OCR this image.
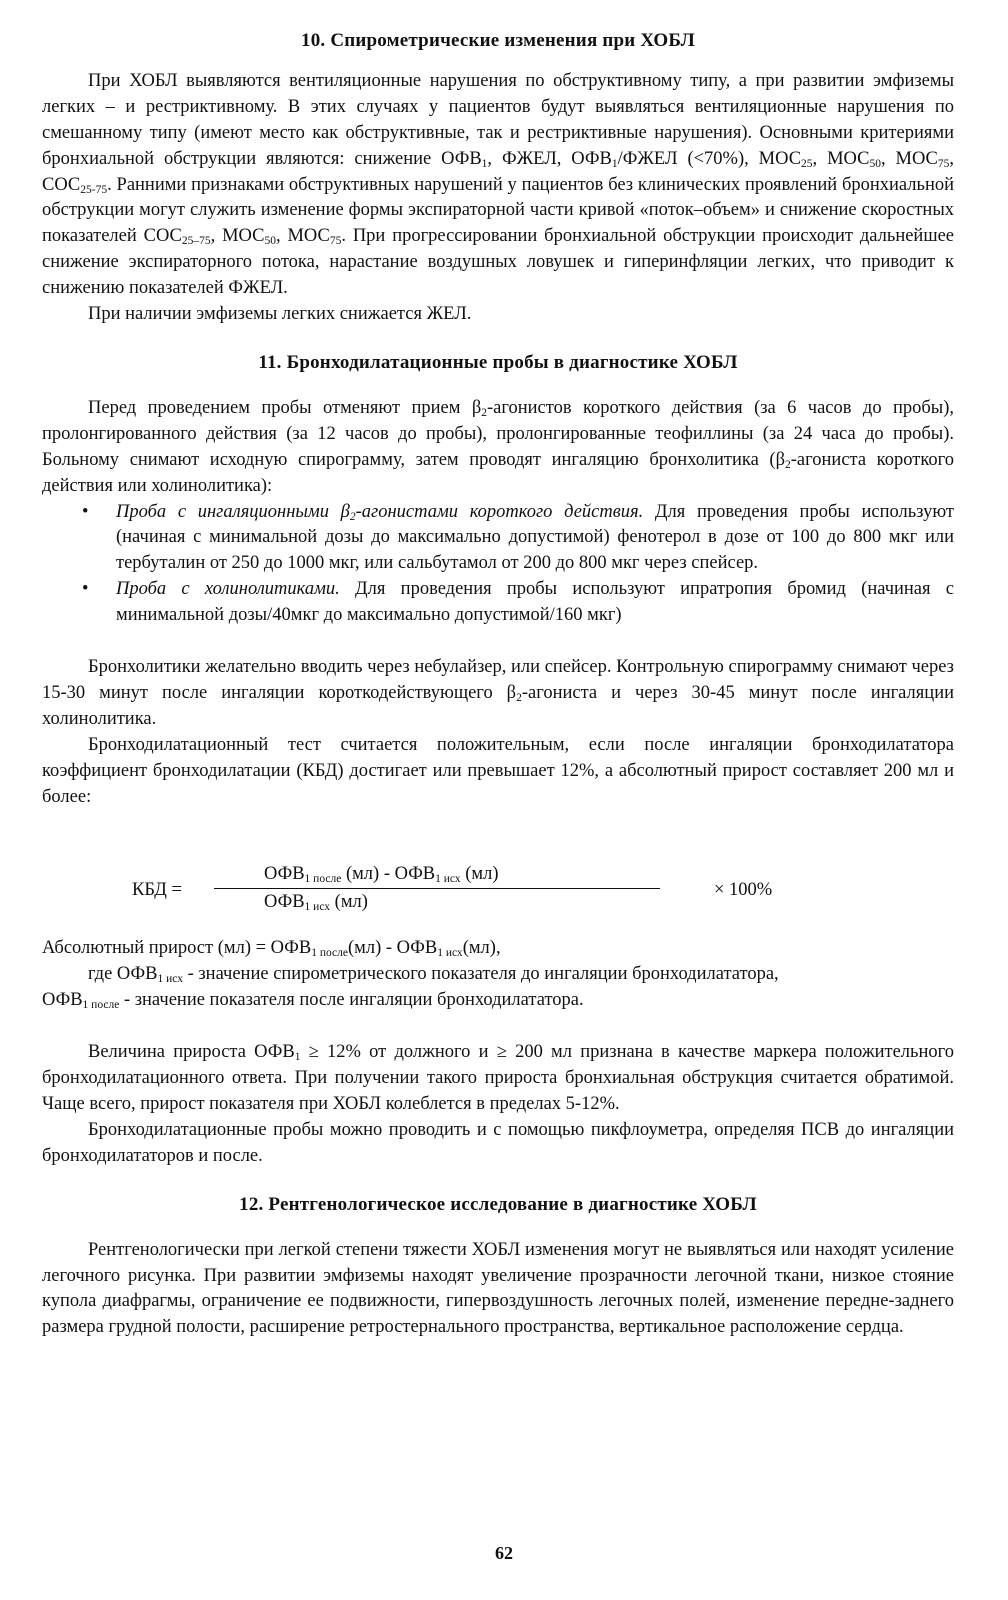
10. Спирометрические изменения при ХОБЛ

При ХОБЛ выявляются вентиляционные нарушения по обструктивному типу, а при развитии эмфиземы легких – и рестриктивному. В этих случаях у пациентов будут выявляться вентиляционные нарушения по смешанному типу (имеют место как обструктивные, так и рестриктивные нарушения). Основными критериями бронхиальной обструкции являются: снижение $ОФВ_1$, ФЖЕЛ, $ОФВ_1$/ФЖЕЛ (<70%), $МОС_{25}$, $МОС_{50}$, $МОС_{75}$, $СОС_{25-75}$. Ранними признаками обструктивных нарушений у пациентов без клинических проявлений бронхиальной обструкции могут служить изменение формы экспираторной части кривой «поток–объем» и снижение скоростных показателей $СОС_{25-75}$, $МОС_{50}$, $МОС_{75}$. При прогрессировании бронхиальной обструкции происходит дальнейшее снижение экспираторного потока, нарастание воздушных ловушек и гиперинфляции легких, что приводит к снижению показателей ФЖЕЛ.

При наличии эмфиземы легких снижается ЖЕЛ.

11. Бронходилатационные пробы в диагностике ХОБЛ

Перед проведением пробы отменяют прием $\beta_2$-агонистов короткого действия (за 6 часов до пробы), пролонгированного действия (за 12 часов до пробы), пролонгированные теофиллины (за 24 часа до пробы). Больному снимают исходную спирограмму, затем проводят ингаляцию бронхолитика ($\beta_2$-агониста короткого действия или холинолитика):

• Проба с ингаляционными $\beta_2$-агонистами короткого действия. Для проведения пробы используют (начиная с минимальной дозы до максимально допустимой) фенотерол в дозе от 100 до 800 мкг или тербуталин от 250 до 1000 мкг, или сальбутамол от 200 до 800 мкг через спейсер.
• Проба с холинолитиками. Для проведения пробы используют ипратропия бромид (начиная с минимальной дозы/40мкг до максимально допустимой/160 мкг)

Бронхолитики желательно вводить через небулайзер, или спейсер. Контрольную спирограмму снимают через 15-30 минут после ингаляции короткодействующего $\beta_2$-агониста и через 30-45 минут после ингаляции холинолитика.

Бронходилатационный тест считается положительным, если после ингаляции бронходилататора коэффициент бронходилатации (КБД) достигает или превышает 12%, а абсолютный прирост составляет 200 мл и более:

КБД =
$ОФВ_{1 после}$ $(мл) - ОФВ_{1 исх}$ (мл)
$ОФВ_{1 исх}$ (мл)
× 100%

Абсолютный прирост $(мл) = ОФВ_{1 после}(мл) - ОФВ_{1 исх}(мл)$,

где $ОФВ_{1 исх}$ - значение спирометрического показателя до ингаляции бронходилататора,

$ОФВ_{1 после}$ - значение показателя после ингаляции бронходилататора.

Величина прироста $ОФВ_1 \ge 12\%$ от должного и ≥ 200 мл признана в качестве маркера положительного бронходилатационного ответа. При получении такого прироста бронхиальная обструкция считается обратимой. Чаще всего, прирост показателя при ХОБЛ колеблется в пределах 5-12%.

Бронходилатационные пробы можно проводить и с помощью пикфлоуметра, определяя ПСВ до ингаляции бронходилататоров и после.

12. Рентгенологическое исследование в диагностике ХОБЛ

Рентгенологически при легкой степени тяжести ХОБЛ изменения могут не выявляться или находят усиление легочного рисунка. При развитии эмфиземы находят увеличение прозрачности легочной ткани, низкое стояние купола диафрагмы, ограничение ее подвижности, гипервоздушность легочных полей, изменение передне-заднего размера грудной полости, расширение ретростернального пространства, вертикальное расположение сердца.

62
